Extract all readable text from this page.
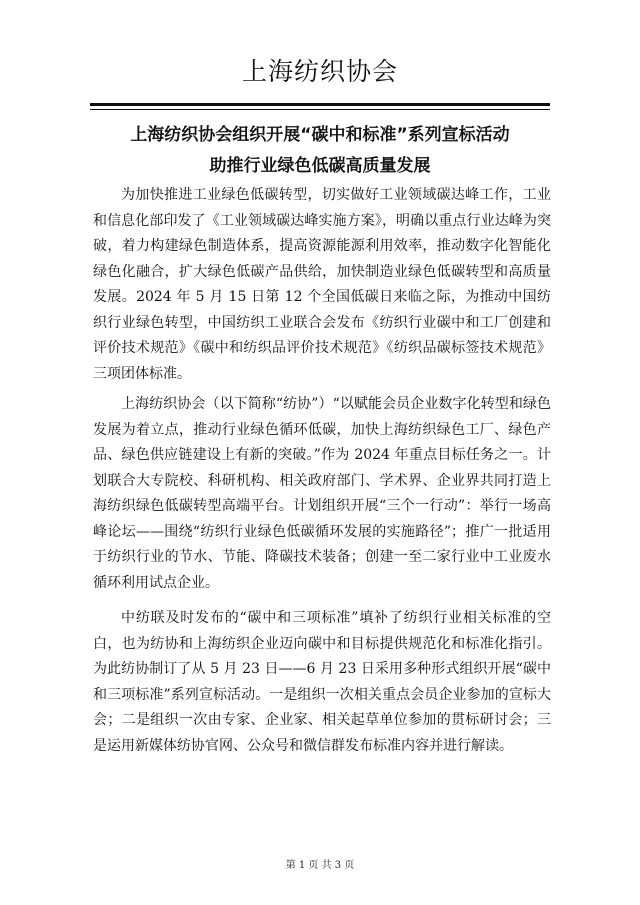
上海纺织协会
上海纺织协会组织开展“碳中和标准”系列宣标活动
助推行业绿色低碳高质量发展

为加快推进工业绿色低碳转型，切实做好工业领域碳达峰工作，工业和信息化部印发了《工业领域碳达峰实施方案》，明确以重点行业达峰为突破，着力构建绿色制造体系，提高资源能源利用效率，推动数字化智能化绿色化融合，扩大绿色低碳产品供给，加快制造业绿色低碳转型和高质量发展。2024 年 5 月 15 日第 12 个全国低碳日来临之际，为推动中国纺织行业绿色转型，中国纺织工业联合会发布《纺织行业碳中和工厂创建和评价技术规范》《碳中和纺织品评价技术规范》《纺织品碳标签技术规范》三项团体标准。

上海纺织协会（以下简称“纺协”）“以赋能会员企业数字化转型和绿色发展为着立点，推动行业绿色循环低碳，加快上海纺织绿色工厂、绿色产品、绿色供应链建设上有新的突破。”作为 2024 年重点目标任务之一。计划联合大专院校、科研机构、相关政府部门、学术界、企业界共同打造上海纺织绿色低碳转型高端平台。计划组织开展“三个一行动”：举行一场高峰论坛——围绕“纺织行业绿色低碳循环发展的实施路径”；推广一批适用于纺织行业的节水、节能、降碳技术装备；创建一至二家行业中工业废水循环利用试点企业。

中纺联及时发布的“碳中和三项标准”填补了纺织行业相关标准的空白，也为纺协和上海纺织企业迈向碳中和目标提供规范化和标准化指引。为此纺协制订了从 5 月 23 日——6 月 23 日采用多种形式组织开展“碳中和三项标准”系列宣标活动。一是组织一次相关重点会员企业参加的宣标大会；二是组织一次由专家、企业家、相关起草单位参加的贯标研讨会；三是运用新媒体纺协官网、公众号和微信群发布标准内容并进行解读。

第 1 页 共 3 页
